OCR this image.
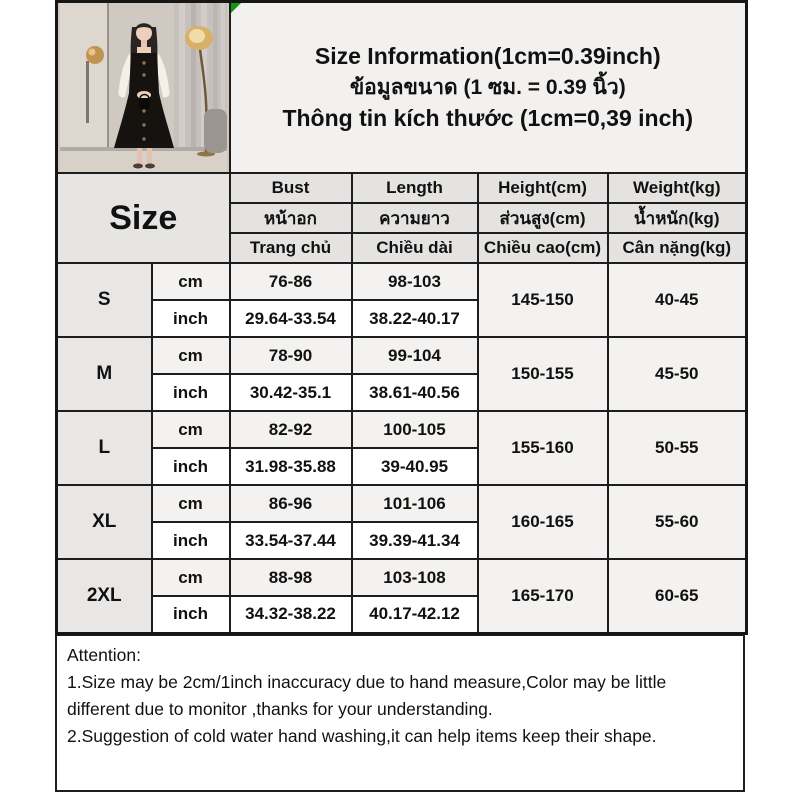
Size Information(1cm=0.39inch)
ข้อมูลขนาด (1 ซม. = 0.39 นิ้ว)
Thông tin kích thước (1cm=0,39 inch)			

Size		Bust	Length	Height(cm)	Weight(kg)
		หน้าอก	ความยาว	ส่วนสูง(cm)	น้ำหนัก(kg)
		Trang chủ	Chiều dài	Chiều cao(cm)	Cân nặng(kg)
S	cm	76-86	98-103	145-150	40-45
	inch	29.64-33.54	38.22-40.17		
M	cm	78-90	99-104	150-155	45-50
	inch	30.42-35.1	38.61-40.56		
L	cm	82-92	100-105	155-160	50-55
	inch	31.98-35.88	39-40.95		
XL	cm	86-96	101-106	160-165	55-60
	inch	33.54-37.44	39.39-41.34		
2XL	cm	88-98	103-108	165-170	60-65
	inch	34.32-38.22	40.17-42.12		

Attention:

1.Size may be 2cm/1inch inaccuracy due to hand measure,Color may be little different due to monitor ,thanks for your understanding.

2.Suggestion of cold water hand washing,it can help items keep their shape.
